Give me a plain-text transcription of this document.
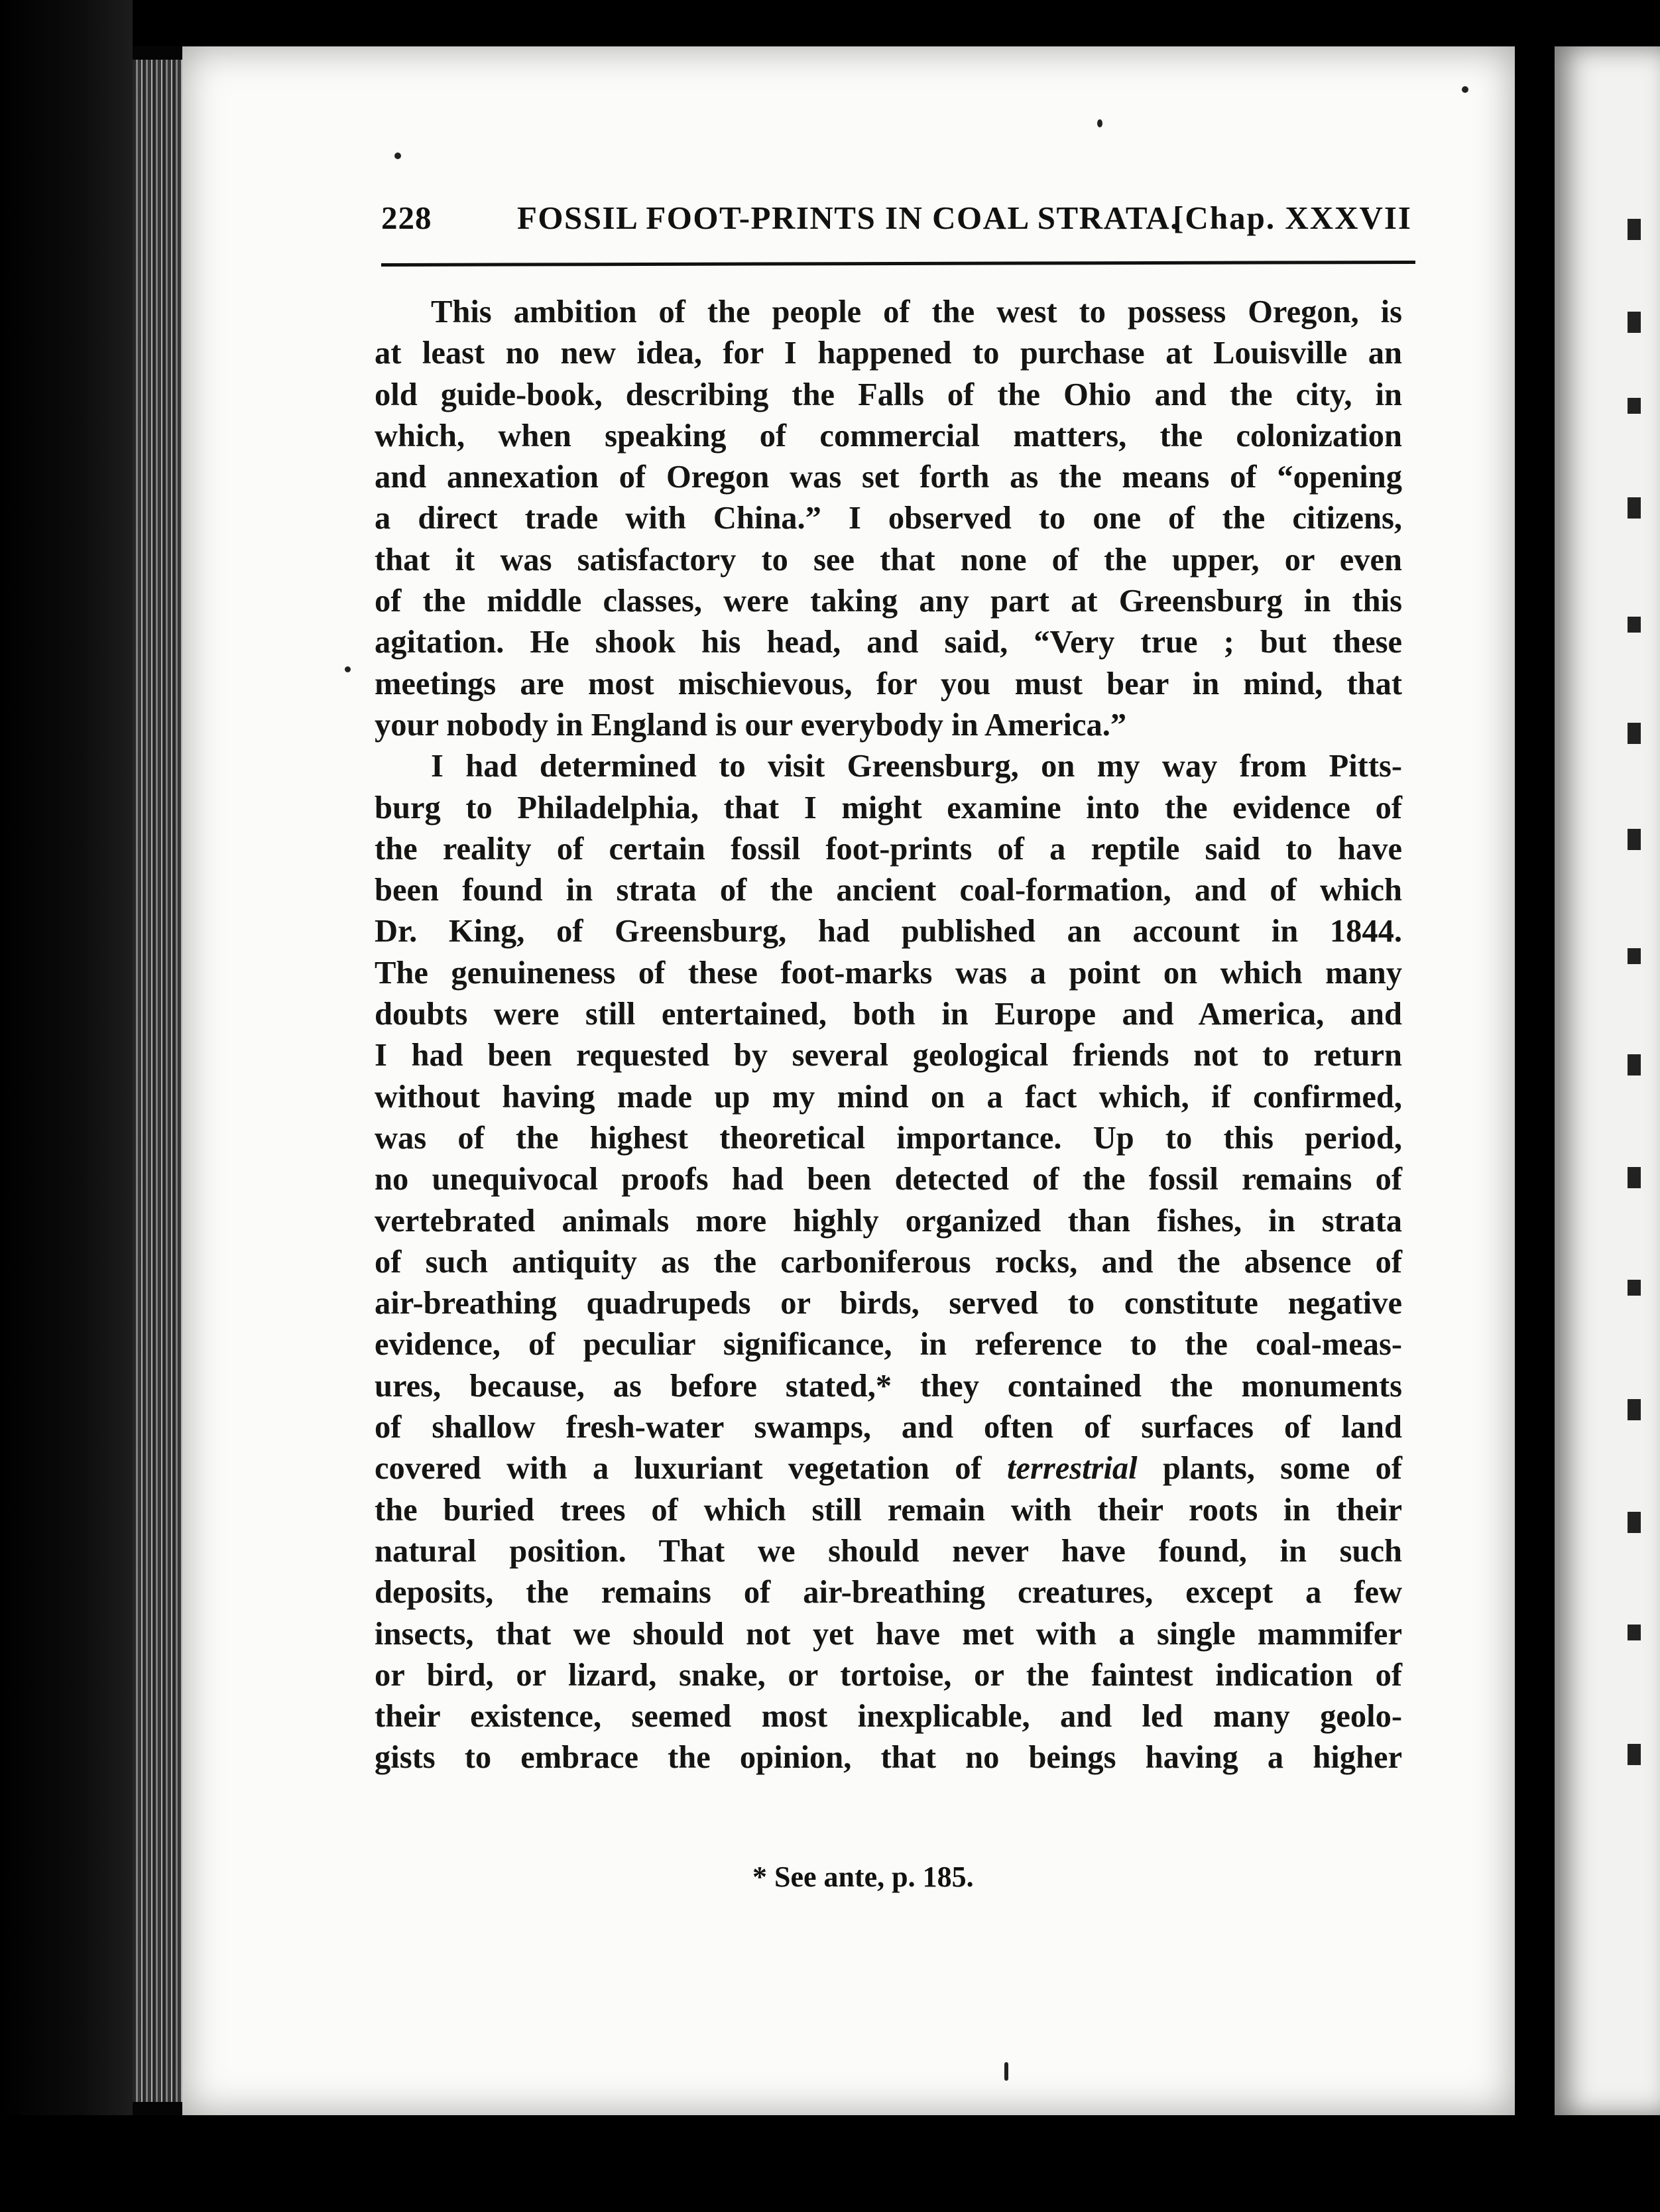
228	FOSSIL FOOT-PRINTS IN COAL STRATA.
[Chap. XXXVII
This ambition of the people of the west to possess Oregon, is
at least no new idea, for I happened to purchase at Louisville an
old guide-book, describing the Falls of the Ohio and the city, in
which, when speaking of commercial matters, the colonization
and annexation of Oregon was set forth as the means of “opening
a direct trade with China.” I observed to one of the citizens,
that it was satisfactory to see that none of the upper, or even
of the middle classes, were taking any part at Greensburg in this
agitation. He shook his head, and said, “Very true ; but these
meetings are most mischievous, for you must bear in mind, that
your nobody in England is our everybody in America.”
I had determined to visit Greensburg, on my way from Pitts-
burg to Philadelphia, that I might examine into the evidence of
the reality of certain fossil foot-prints of a reptile said to have
been found in strata of the ancient coal-formation, and of which
Dr. King, of Greensburg, had published an account in 1844.
The genuineness of these foot-marks was a point on which many
doubts were still entertained, both in Europe and America, and
I had been requested by several geological friends not to return
without having made up my mind on a fact which, if confirmed,
was of the highest theoretical importance. Up to this period,
no unequivocal proofs had been detected of the fossil remains of
vertebrated animals more highly organized than fishes, in strata
of such antiquity as the carboniferous rocks, and the absence of
air-breathing quadrupeds or birds, served to constitute negative
evidence, of peculiar significance, in reference to the coal-meas-
ures, because, as before stated,* they contained the monuments
of shallow fresh-water swamps, and often of surfaces of land
covered with a luxuriant vegetation of terrestrial plants, some of
the buried trees of which still remain with their roots in their
natural position. That we should never have found, in such
deposits, the remains of air-breathing creatures, except a few
insects, that we should not yet have met with a single mammifer
or bird, or lizard, snake, or tortoise, or the faintest indication of
their existence, seemed most inexplicable, and led many geolo-
gists to embrace the opinion, that no beings having a higher
* See ante, p. 185.
